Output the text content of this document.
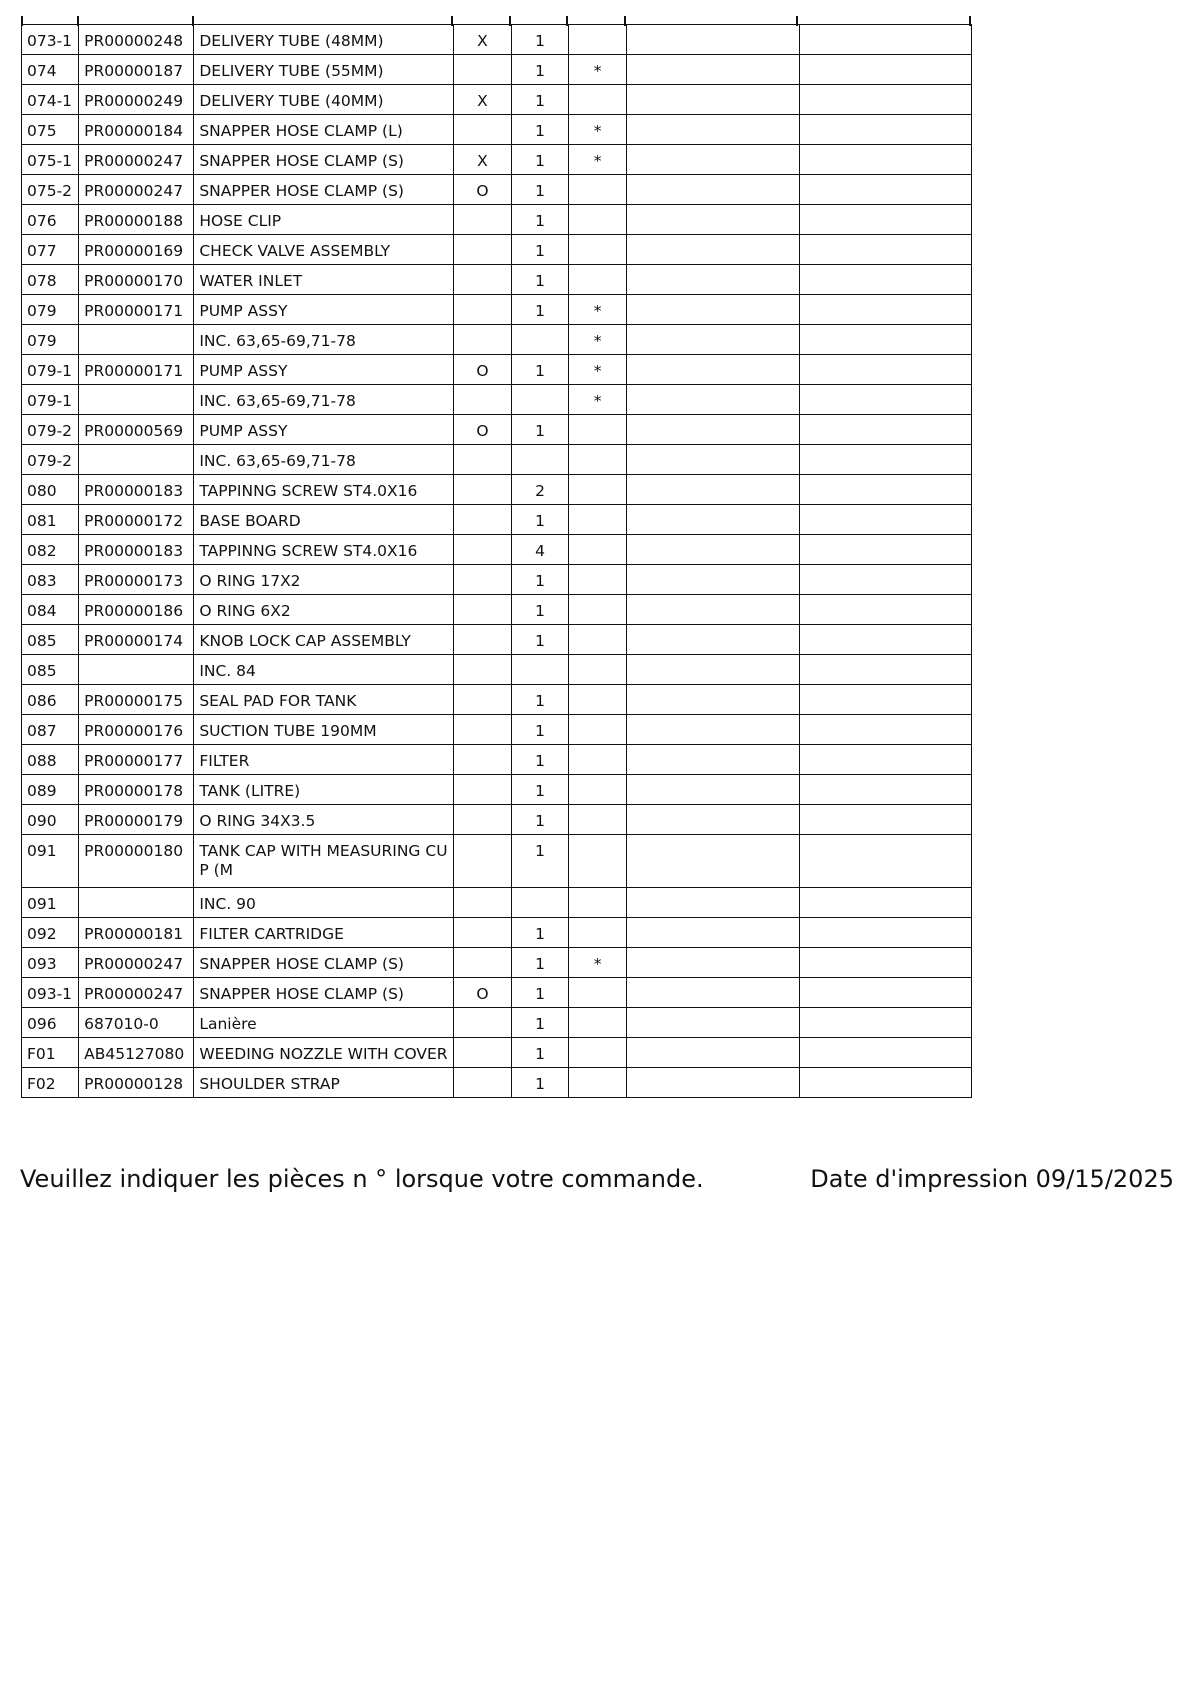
073-1	PR00000248	DELIVERY TUBE (48MM)	X	1			
074	PR00000187	DELIVERY TUBE (55MM)		1	*		
074-1	PR00000249	DELIVERY TUBE (40MM)	X	1			
075	PR00000184	SNAPPER HOSE CLAMP (L)		1	*		
075-1	PR00000247	SNAPPER HOSE CLAMP (S)	X	1	*		
075-2	PR00000247	SNAPPER HOSE CLAMP (S)	O	1			
076	PR00000188	HOSE CLIP		1			
077	PR00000169	CHECK VALVE ASSEMBLY		1			
078	PR00000170	WATER INLET		1			
079	PR00000171	PUMP ASSY		1	*		
079		INC. 63,65-69,71-78			*		
079-1	PR00000171	PUMP ASSY	O	1	*		
079-1		INC. 63,65-69,71-78			*		
079-2	PR00000569	PUMP ASSY	O	1			
079-2		INC. 63,65-69,71-78					
080	PR00000183	TAPPINNG SCREW ST4.0X16		2			
081	PR00000172	BASE BOARD		1			
082	PR00000183	TAPPINNG SCREW ST4.0X16		4			
083	PR00000173	O RING 17X2		1			
084	PR00000186	O RING 6X2		1			
085	PR00000174	KNOB LOCK CAP ASSEMBLY		1			
085		INC. 84					
086	PR00000175	SEAL PAD FOR TANK		1			
087	PR00000176	SUCTION TUBE 190MM		1			
088	PR00000177	FILTER		1			
089	PR00000178	TANK (LITRE)		1			
090	PR00000179	O RING 34X3.5		1			
091	PR00000180	TANK CAP WITH MEASURING CUP (M		1			
091		INC. 90					
092	PR00000181	FILTER CARTRIDGE		1			
093	PR00000247	SNAPPER HOSE CLAMP (S)		1	*		
093-1	PR00000247	SNAPPER HOSE CLAMP (S)	O	1			
096	687010-0	Lanière		1			
F01	AB45127080	WEEDING NOZZLE WITH COVER		1			
F02	PR00000128	SHOULDER STRAP		1			
Veuillez indiquer les pièces n ° lorsque votre commande.	Date d'impression 09/15/2025
